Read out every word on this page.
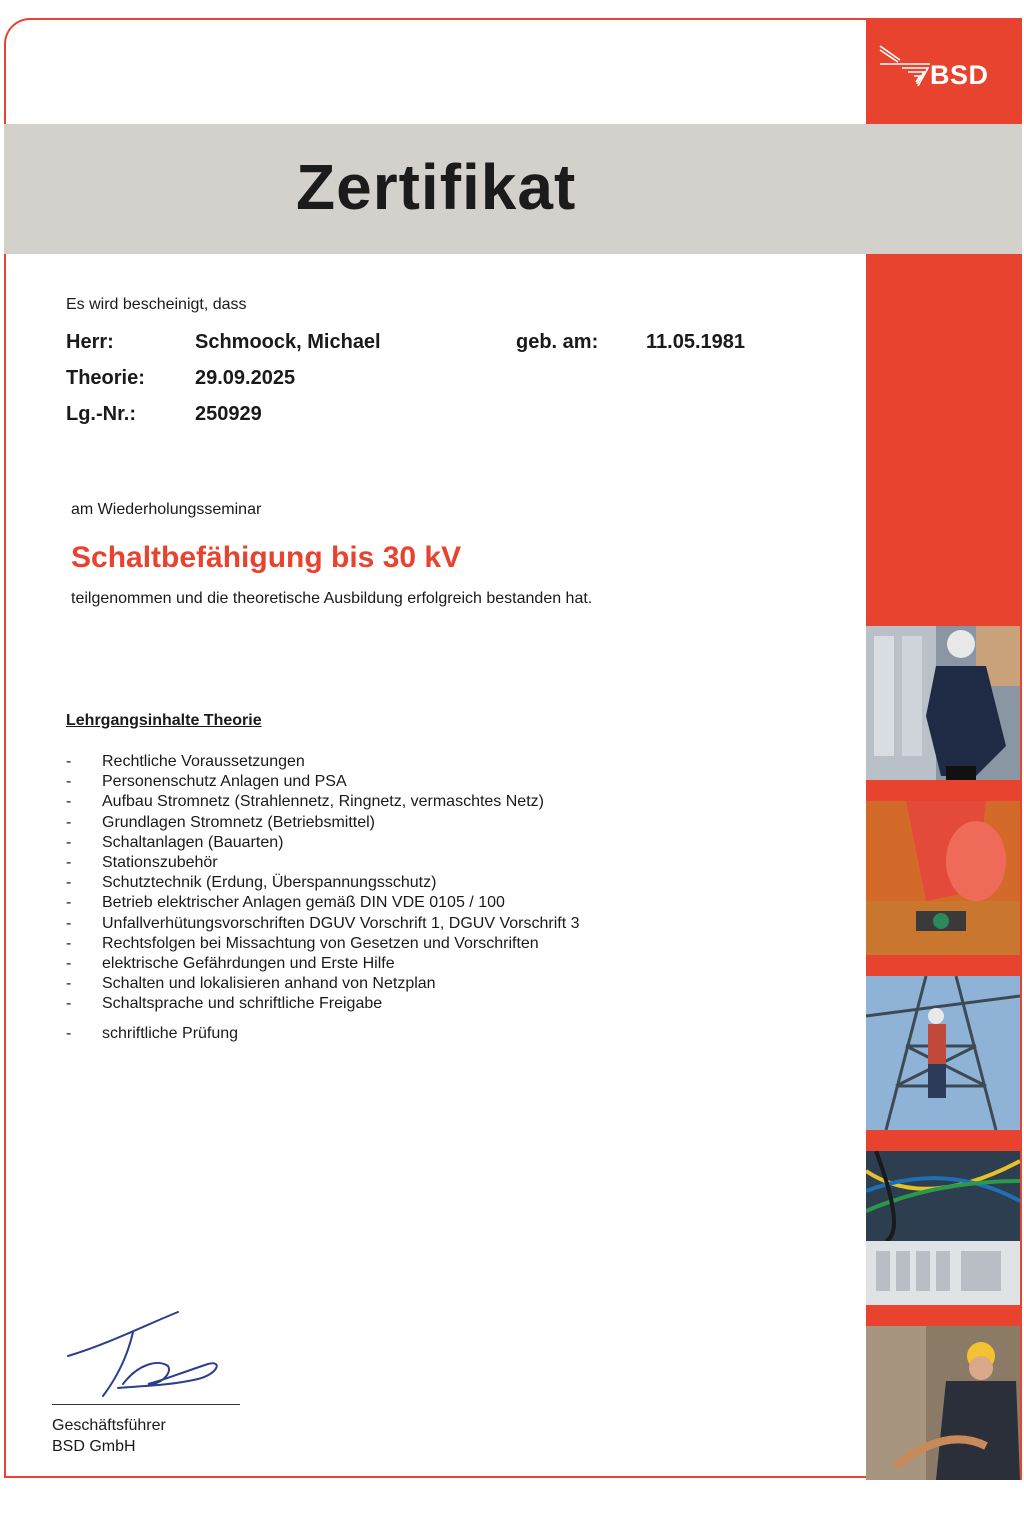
BSD
Zertifikat
Es wird bescheinigt, dass
Herr:	Schmoock, Michael	geb. am: 11.05.1981
Theorie:	29.09.2025
Lg.-Nr.:	250929
am Wiederholungsseminar
Schaltbefähigung bis 30 kV
teilgenommen und die theoretische Ausbildung erfolgreich bestanden hat.
Lehrgangsinhalte Theorie
- Rechtliche Voraussetzungen
- Personenschutz Anlagen und PSA
- Aufbau Stromnetz (Strahlennetz, Ringnetz, vermaschtes Netz)
- Grundlagen Stromnetz (Betriebsmittel)
- Schaltanlagen (Bauarten)
- Stationszubehör
- Schutztechnik (Erdung, Überspannungsschutz)
- Betrieb elektrischer Anlagen gemäß DIN VDE 0105 / 100
- Unfallverhütungsvorschriften DGUV Vorschrift 1, DGUV Vorschrift 3
- Rechtsfolgen bei Missachtung von Gesetzen und Vorschriften
- elektrische Gefährdungen und Erste Hilfe
- Schalten und lokalisieren anhand von Netzplan
- Schaltsprache und schriftliche Freigabe
- schriftliche Prüfung
Geschäftsführer
BSD GmbH
